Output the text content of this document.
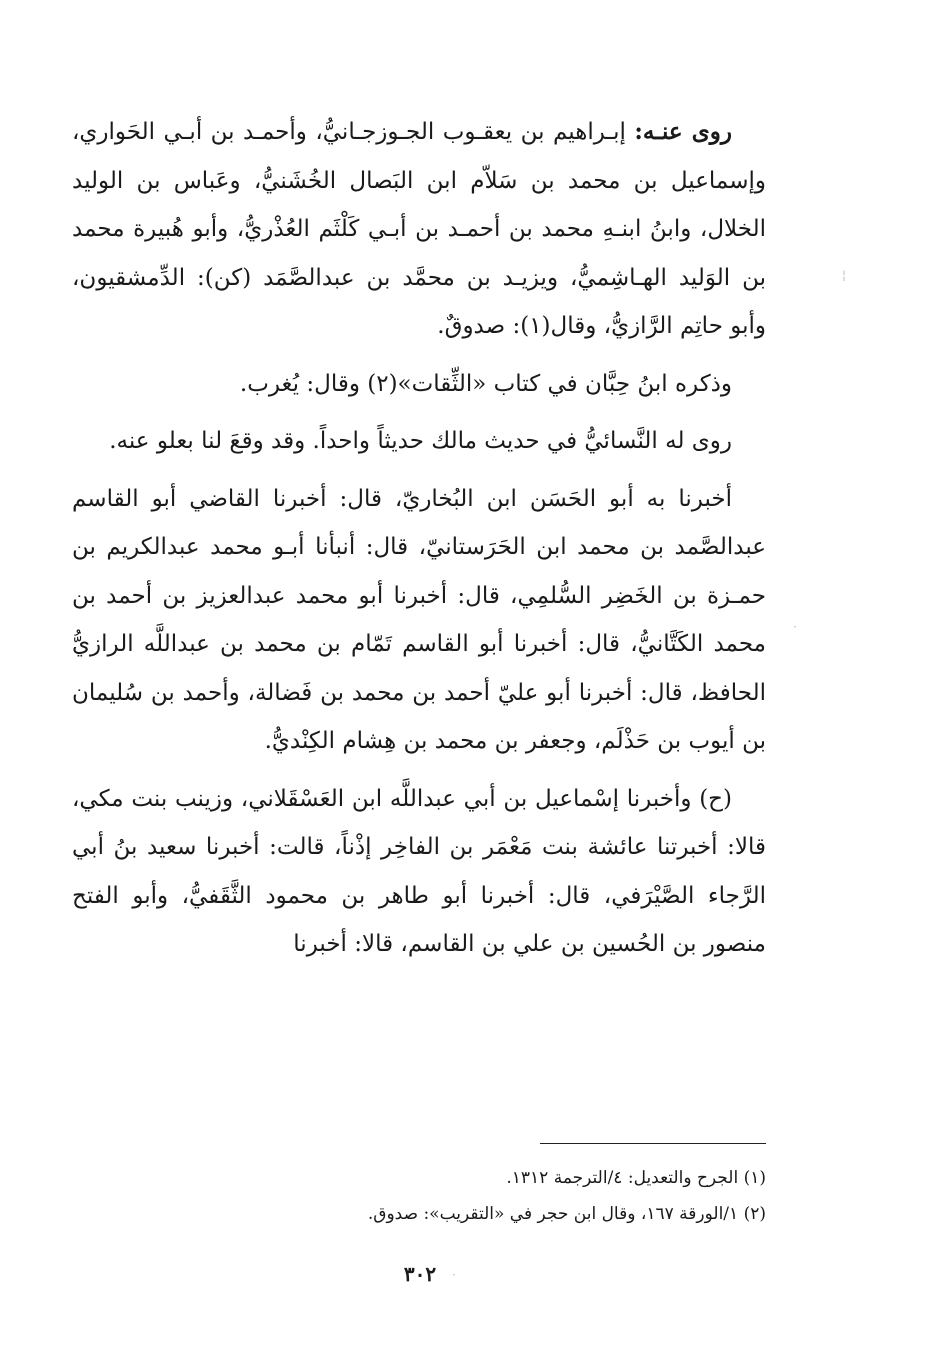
روى عنـه: إبـراهيم بن يعقـوب الجـوزجـانيُّ، وأحمـد بن أبـي الحَواري، وإسماعيل بن محمد بن سَلاّم ابن البَصال الخُشَنيُّ، وعَباس بن الوليد الخلال، وابنُ ابنـهِ محمد بن أحمـد بن أبـي كَلْثَم العُذْريُّ، وأبو هُبيرة محمد بن الوَليد الهـاشِميُّ، ويزيـد بن محمَّد بن عبدالصَّمَد (كن): الدِّمشقيون، وأبو حاتِم الرَّازيُّ، وقال(١): صدوقٌ.

وذكره ابنُ حِبَّان في كتاب «الثِّقات»(٢) وقال: يُغرب.

روى له النَّسائيُّ في حديث مالك حديثاً واحداً. وقد وقعَ لنا بعلو عنه.

أخبرنا به أبو الحَسَن ابن البُخاريّ، قال: أخبرنا القاضي أبو القاسم عبدالصَّمد بن محمد ابن الحَرَستانيّ، قال: أنبأنا أبـو محمد عبدالكريم بن حمـزة بن الخَضِر السُّلمِي، قال: أخبرنا أبو محمد عبدالعزيز بن أحمد بن محمد الكَتَّانيُّ، قال: أخبرنا أبو القاسم تَمّام بن محمد بن عبداللَّه الرازيُّ الحافظ، قال: أخبرنا أبو عليّ أحمد بن محمد بن فَضالة، وأحمد بن سُليمان بن أيوب بن حَذْلَم، وجعفر بن محمد بن هِشام الكِنْديُّ.

(ح) وأخبرنا إسْماعيل بن أبي عبداللَّه ابن العَسْقَلاني، وزينب بنت مكي، قالا: أخبرتنا عائشة بنت مَعْمَر بن الفاخِر إذْناً، قالت: أخبرنا سعيد بنُ أبي الرَّجاء الصَّيْرَفي، قال: أخبرنا أبو طاهر بن محمود الثَّقَفيُّ، وأبو الفتح منصور بن الحُسين بن علي بن القاسم، قالا: أخبرنا

(١) الجرح والتعديل: ٤/الترجمة ١٣١٢.

(٢) ١/الورقة ١٦٧، وقال ابن حجر في «التقريب»: صدوق.

٣٠٢
¦
·
·
